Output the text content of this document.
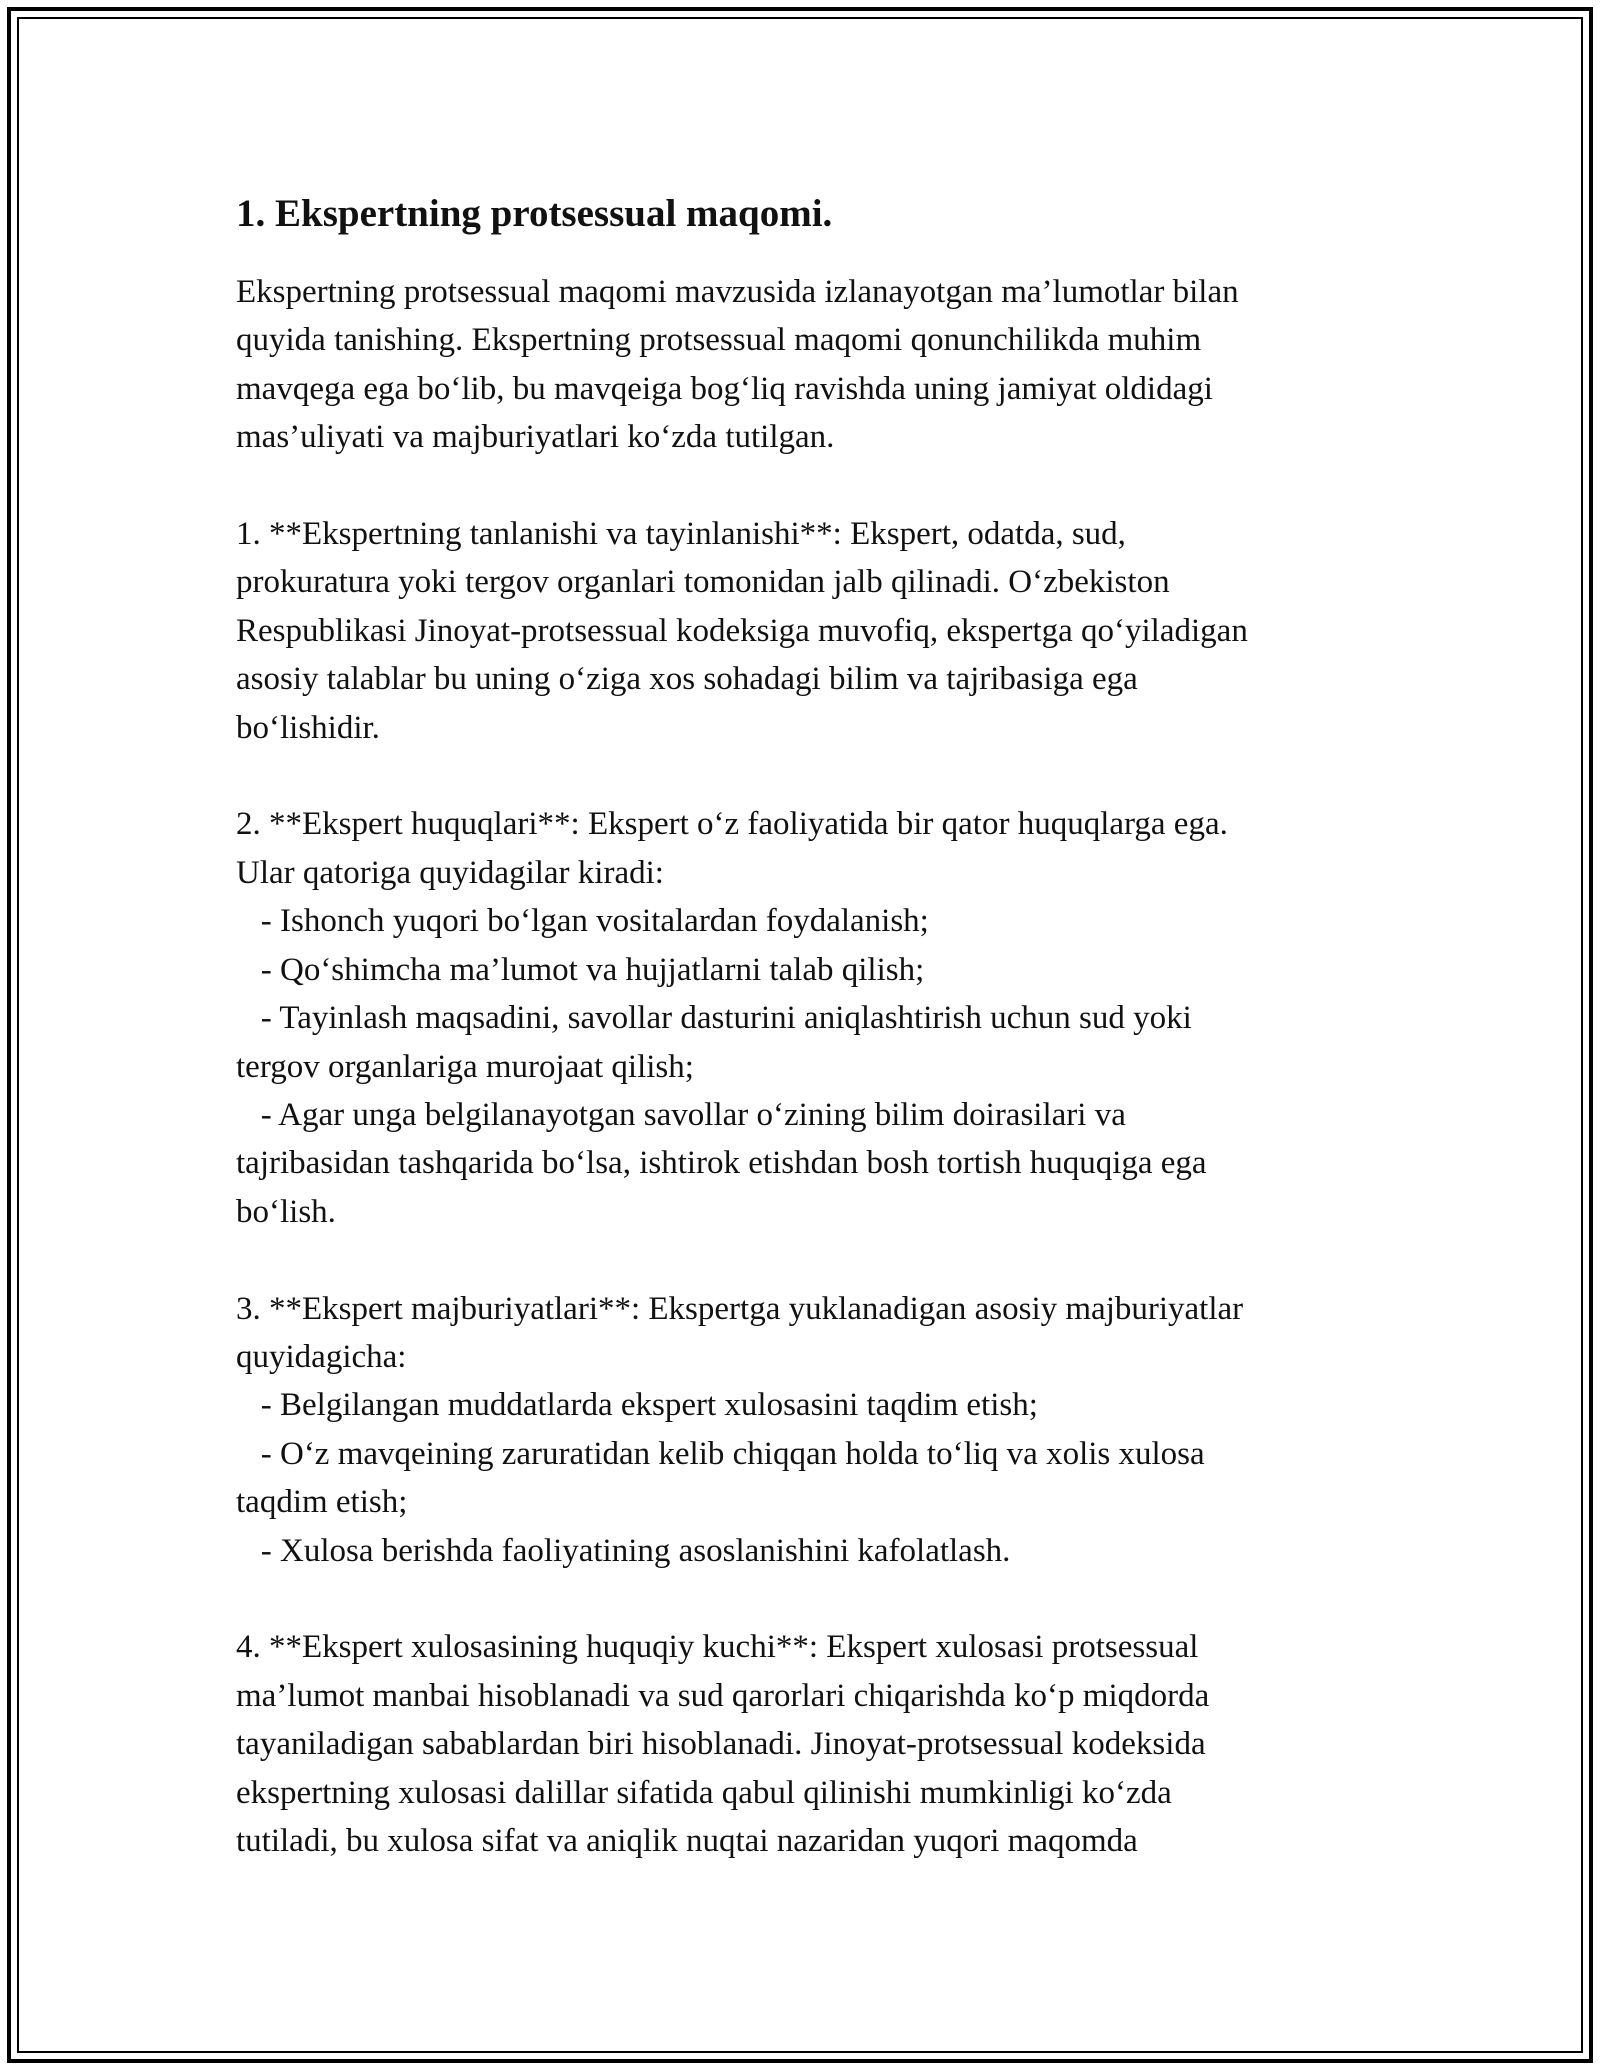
1. Ekspertning protsessual maqomi.

Ekspertning protsessual maqomi mavzusida izlanayotgan ma’lumotlar bilan
quyida tanishing. Ekspertning protsessual maqomi qonunchilikda muhim
mavqega ega boʻlib, bu mavqeiga bogʻliq ravishda uning jamiyat oldidagi
mas’uliyati va majburiyatlari koʻzda tutilgan.

1. **Ekspertning tanlanishi va tayinlanishi**: Ekspert, odatda, sud,
prokuratura yoki tergov organlari tomonidan jalb qilinadi. Oʻzbekiston
Respublikasi Jinoyat-protsessual kodeksiga muvofiq, ekspertga qoʻyiladigan
asosiy talablar bu uning oʻziga xos sohadagi bilim va tajribasiga ega
boʻlishidir.

2. **Ekspert huquqlari**: Ekspert oʻz faoliyatida bir qator huquqlarga ega.
Ular qatoriga quyidagilar kiradi:
- Ishonch yuqori boʻlgan vositalardan foydalanish;
- Qoʻshimcha ma’lumot va hujjatlarni talab qilish;
- Tayinlash maqsadini, savollar dasturini aniqlashtirish uchun sud yoki
tergov organlariga murojaat qilish;
- Agar unga belgilanayotgan savollar oʻzining bilim doirasilari va
tajribasidan tashqarida boʻlsa, ishtirok etishdan bosh tortish huquqiga ega
boʻlish.

3. **Ekspert majburiyatlari**: Ekspertga yuklanadigan asosiy majburiyatlar
quyidagicha:
- Belgilangan muddatlarda ekspert xulosasini taqdim etish;
- Oʻz mavqeining zaruratidan kelib chiqqan holda toʻliq va xolis xulosa
taqdim etish;
- Xulosa berishda faoliyatining asoslanishini kafolatlash.

4. **Ekspert xulosasining huquqiy kuchi**: Ekspert xulosasi protsessual
ma’lumot manbai hisoblanadi va sud qarorlari chiqarishda koʻp miqdorda
tayaniladigan sabablardan biri hisoblanadi. Jinoyat-protsessual kodeksida
ekspertning xulosasi dalillar sifatida qabul qilinishi mumkinligi koʻzda
tutiladi, bu xulosa sifat va aniqlik nuqtai nazaridan yuqori maqomda
